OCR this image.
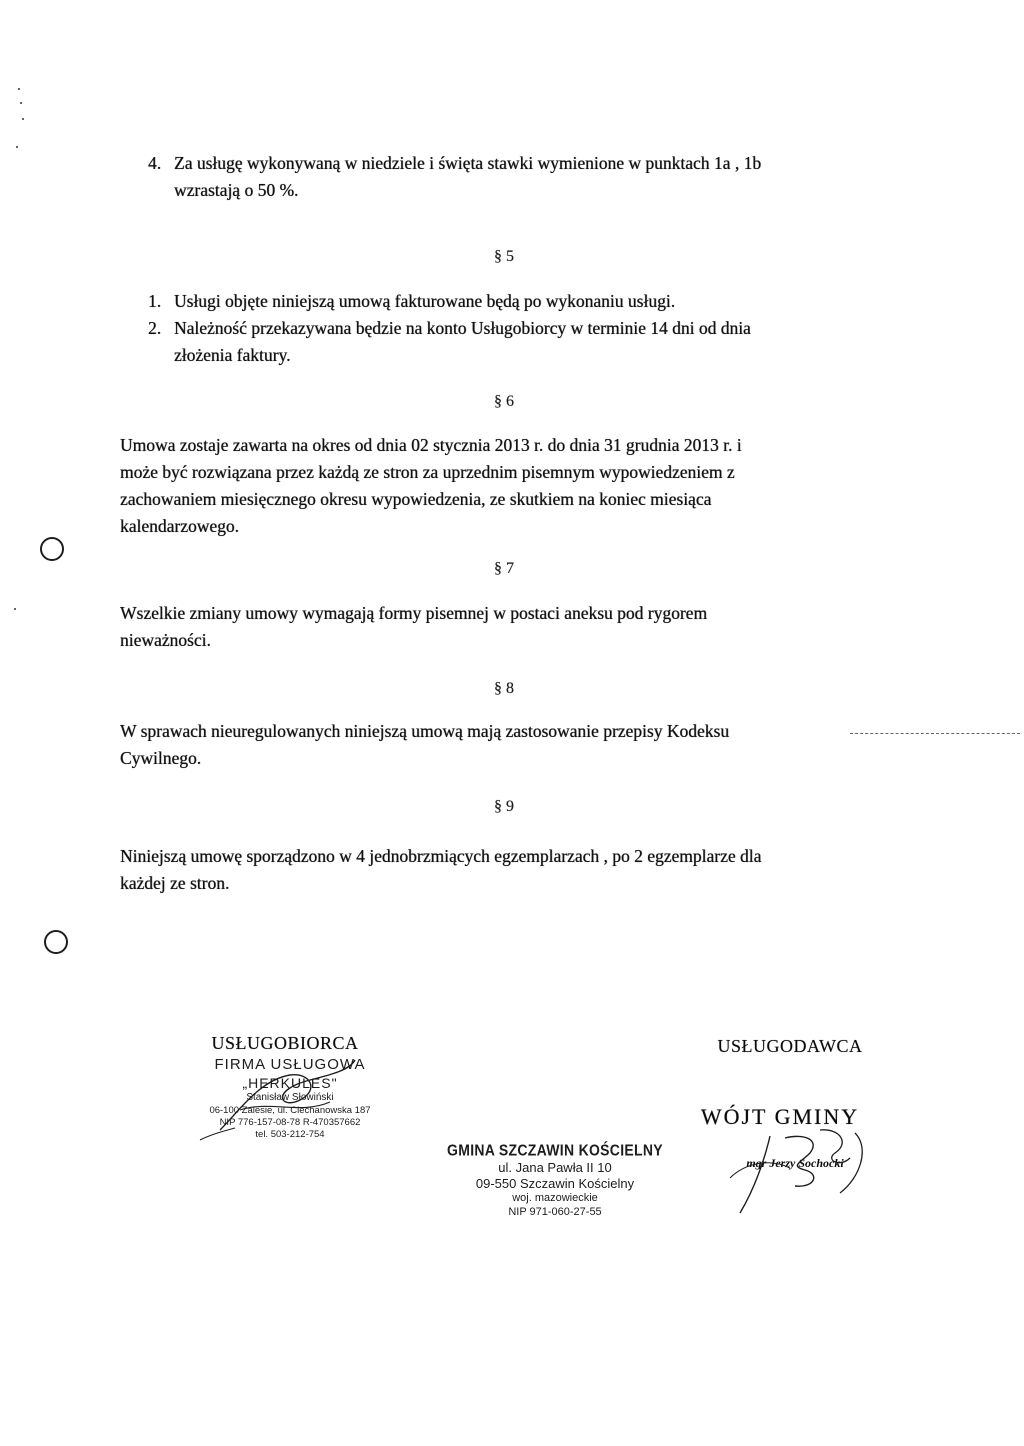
4. Za usługę wykonywaną w niedziele i święta stawki wymienione w punktach 1a , 1b
wzrastają o 50 %.
§ 5
1. Usługi objęte niniejszą umową fakturowane będą po wykonaniu usługi.
2. Należność przekazywana będzie na konto Usługobiorcy w terminie 14 dni od dnia
złożenia faktury.
§ 6
Umowa zostaje zawarta na okres od dnia 02 stycznia 2013 r. do dnia 31 grudnia 2013 r. i
może być rozwiązana przez każdą ze stron za uprzednim pisemnym wypowiedzeniem z
zachowaniem miesięcznego okresu wypowiedzenia, ze skutkiem na koniec miesiąca
kalendarzowego.
§ 7
Wszelkie zmiany umowy wymagają formy pisemnej w postaci aneksu pod rygorem
nieważności.
§ 8
W sprawach nieuregulowanych niniejszą umową mają zastosowanie przepisy Kodeksu
Cywilnego.
§ 9
Niniejszą umowę sporządzono w 4 jednobrzmiących egzemplarzach , po 2 egzemplarze dla
każdej ze stron.
USŁUGOBIORCA
FIRMA USŁUGOWA
„HERKULES"
Stanisław Słowiński
06-100 Zalesie, ul. Ciechanowska 187
NIP 776-157-08-78 R-470357662
tel. 503-212-754
GMINA SZCZAWIN KOŚCIELNY
ul. Jana Pawła II 10
09-550 Szczawin Kościelny
woj. mazowieckie
NIP 971-060-27-55
USŁUGODAWCA
WÓJT GMINY
mgr Jerzy Sochocki
